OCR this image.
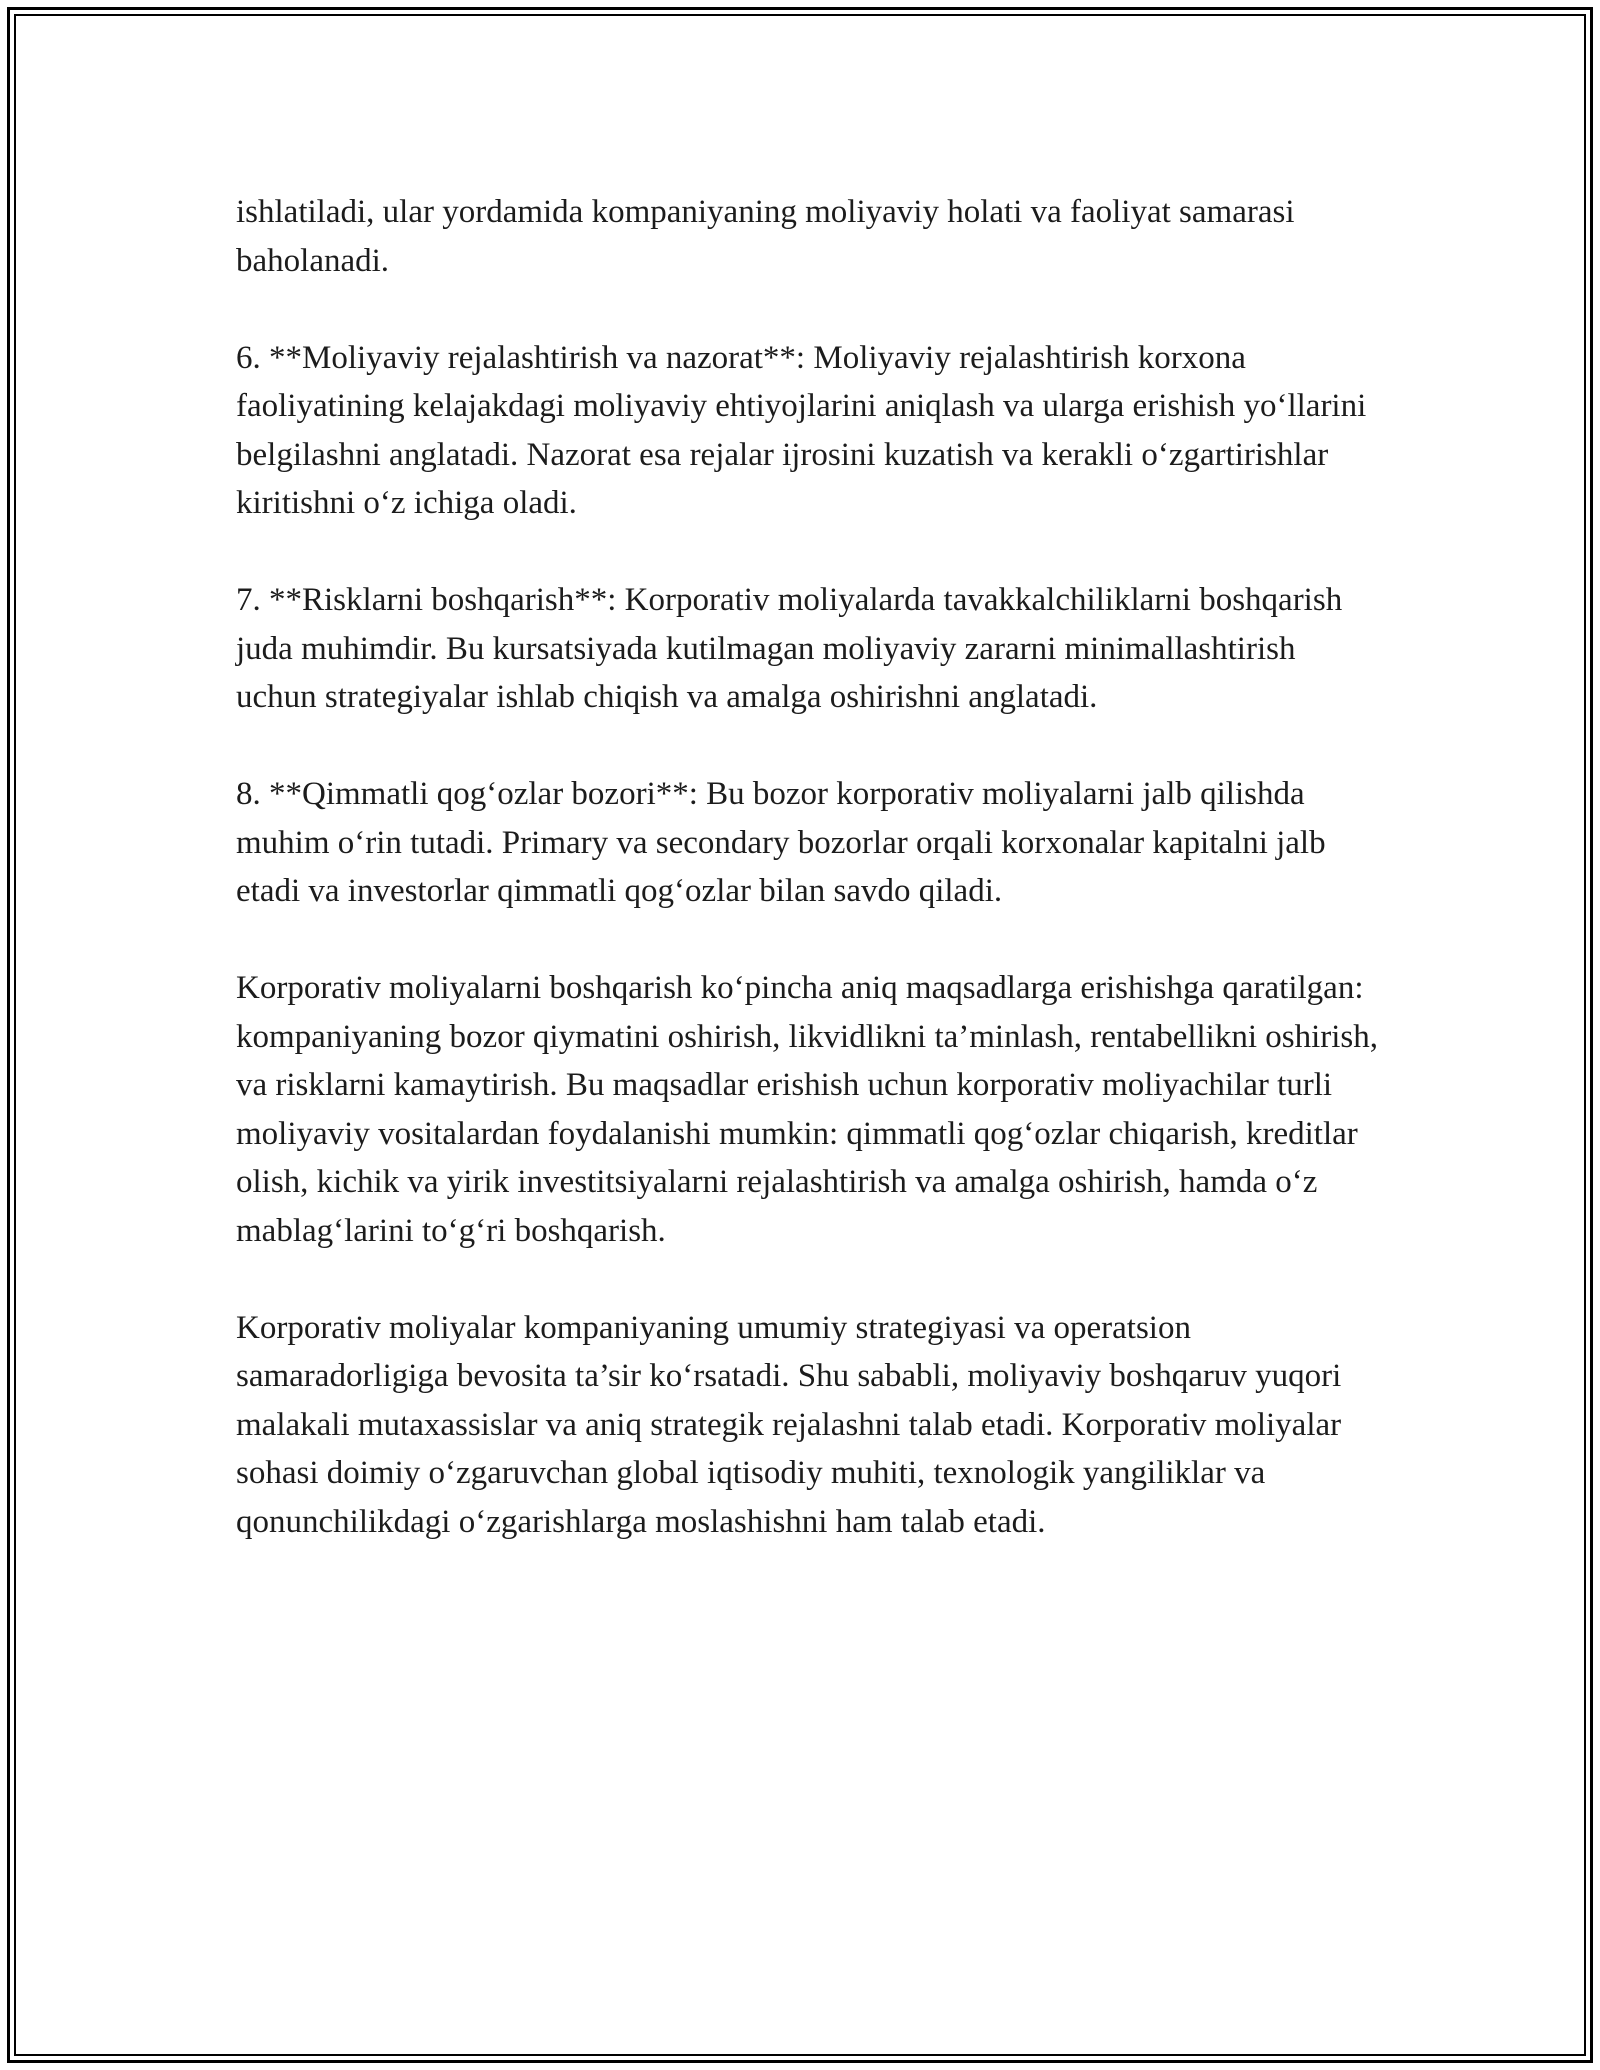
ishlatiladi, ular yordamida kompaniyaning moliyaviy holati va faoliyat samarasi baholanadi.

6. **Moliyaviy rejalashtirish va nazorat**: Moliyaviy rejalashtirish korxona faoliyatining kelajakdagi moliyaviy ehtiyojlarini aniqlash va ularga erishish yo‘llarini belgilashni anglatadi. Nazorat esa rejalar ijrosini kuzatish va kerakli o‘zgartirishlar kiritishni o‘z ichiga oladi.

7. **Risklarni boshqarish**: Korporativ moliyalarda tavakkalchiliklarni boshqarish juda muhimdir. Bu kursatsiyada kutilmagan moliyaviy zararni minimallashtirish uchun strategiyalar ishlab chiqish va amalga oshirishni anglatadi.

8. **Qimmatli qog‘ozlar bozori**: Bu bozor korporativ moliyalarni jalb qilishda muhim o‘rin tutadi. Primary va secondary bozorlar orqali korxonalar kapitalni jalb etadi va investorlar qimmatli qog‘ozlar bilan savdo qiladi.

Korporativ moliyalarni boshqarish ko‘pincha aniq maqsadlarga erishishga qaratilgan: kompaniyaning bozor qiymatini oshirish, likvidlikni ta’minlash, rentabellikni oshirish, va risklarni kamaytirish. Bu maqsadlar erishish uchun korporativ moliyachilar turli moliyaviy vositalardan foydalanishi mumkin: qimmatli qog‘ozlar chiqarish, kreditlar olish, kichik va yirik investitsiyalarni rejalashtirish va amalga oshirish, hamda o‘z mablag‘larini to‘g‘ri boshqarish.

Korporativ moliyalar kompaniyaning umumiy strategiyasi va operatsion samaradorligiga bevosita ta’sir ko‘rsatadi. Shu sababli, moliyaviy boshqaruv yuqori malakali mutaxassislar va aniq strategik rejalashni talab etadi. Korporativ moliyalar sohasi doimiy o‘zgaruvchan global iqtisodiy muhiti, texnologik yangiliklar va qonunchilikdagi o‘zgarishlarga moslashishni ham talab etadi.
